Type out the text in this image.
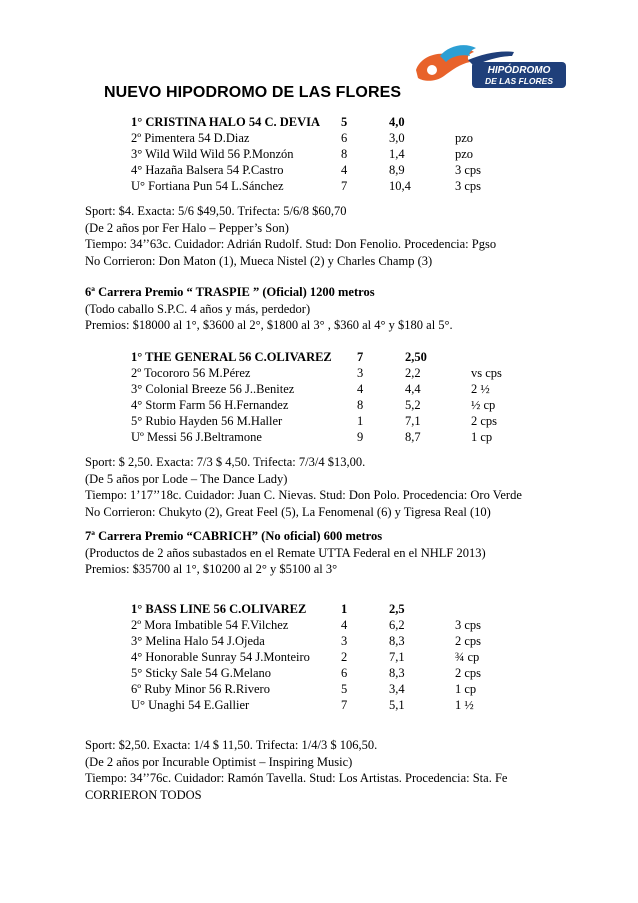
NUEVO HIPODROMO DE LAS FLORES
HIPÓDROMO
DE LAS FLORES
1° CRISTINA HALO 54 C. DEVIA	5	4,0	
2º Pimentera 54 D.Diaz	6	3,0	pzo
3° Wild Wild Wild 56 P.Monzón	8	1,4	pzo
4° Hazaña Balsera 54 P.Castro	4	8,9	3 cps
U° Fortiana Pun 54 L.Sánchez	7	10,4	3 cps
Sport: $4. Exacta: 5/6 $49,50. Trifecta: 5/6/8 $60,70
(De 2 años por Fer Halo – Pepper’s Son)
Tiempo: 34’’63c. Cuidador: Adrián Rudolf. Stud: Don Fenolio. Procedencia: Pgso
No Corrieron: Don Maton (1), Mueca Nistel (2) y Charles Champ (3)
6ª Carrera Premio “ TRASPIE ” (Oficial) 1200 metros
(Todo caballo S.P.C. 4 años y más, perdedor)
Premios: $18000 al 1°, $3600 al 2°, $1800 al 3° , $360 al 4° y $180 al 5°.
1° THE GENERAL 56 C.OLIVAREZ	7	2,50	
2º Tocororo 56 M.Pérez	3	2,2	vs cps
3° Colonial Breeze 56 J..Benitez	4	4,4	2 ½
4° Storm Farm 56 H.Fernandez	8	5,2	½ cp
5° Rubio Hayden 56 M.Haller	1	7,1	2 cps
Uº Messi 56 J.Beltramone	9	8,7	1 cp
Sport: $ 2,50. Exacta: 7/3 $ 4,50. Trifecta: 7/3/4 $13,00.
(De 5 años por Lode – The Dance Lady)
Tiempo: 1’17’’18c. Cuidador: Juan C. Nievas. Stud: Don Polo. Procedencia: Oro Verde
No Corrieron: Chukyto (2), Great Feel (5), La Fenomenal (6) y Tigresa Real (10)
7ª Carrera Premio “CABRICH” (No oficial) 600 metros
(Productos de 2 años subastados en el Remate UTTA Federal en el NHLF 2013)
Premios: $35700 al 1°, $10200 al 2° y $5100 al 3°
1° BASS LINE 56 C.OLIVAREZ	1	2,5	
2º Mora Imbatible 54 F.Vilchez	4	6,2	3 cps
3° Melina Halo 54 J.Ojeda	3	8,3	2 cps
4° Honorable Sunray 54 J.Monteiro	2	7,1	¾ cp
5° Sticky Sale 54 G.Melano	6	8,3	2 cps
6º Ruby Minor 56 R.Rivero	5	3,4	1 cp
U° Unaghi 54 E.Gallier	7	5,1	1 ½
Sport: $2,50. Exacta: 1/4 $ 11,50. Trifecta: 1/4/3 $ 106,50.
(De 2 años por Incurable Optimist – Inspiring Music)
Tiempo: 34’’76c. Cuidador: Ramón Tavella. Stud: Los Artistas. Procedencia: Sta. Fe
CORRIERON TODOS
